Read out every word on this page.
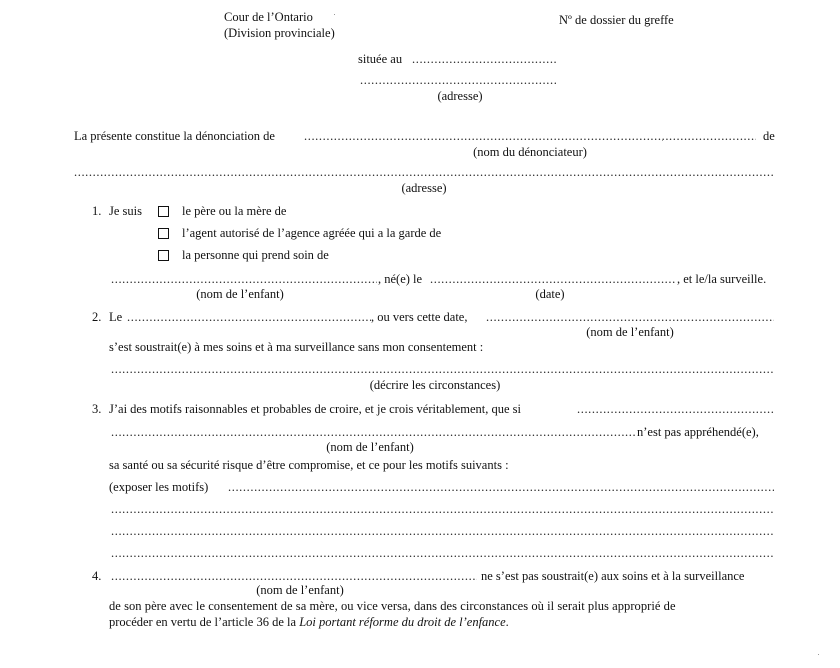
Cour de l’Ontario
(Division provinciale)
Nº de dossier du greffe
située au
.....
.....
(adresse)
La présente constitue la dénonciation de .....	de
(nom du dénonciateur)
.....
(adresse)
1. Je suis	le père ou la mère de
l’agent autorisé de l’agence agréée qui a la garde de
la personne qui prend soin de
.....
, né(e) le .....	, et le/la surveille.
(nom de l’enfant)	(date)
2. Le .....	, ou vers cette date,
.....
(nom de l’enfant)
s’est soustrait(e) à mes soins et à ma surveillance sans mon consentement :
.....
(décrire les circonstances)
3. J’ai des motifs raisonnables et probables de croire, et je crois véritablement, que si
.....
.....
n’est pas appréhendé(e),
(nom de l’enfant)
sa santé ou sa sécurité risque d’être compromise, et ce pour les motifs suivants :
(exposer les motifs)
.....
.....
.....
.....
4. .....	ne s’est pas soustrait(e) aux soins et à la surveillance
(nom de l’enfant)
de son père avec le consentement de sa mère, ou vice versa, dans des circonstances où il serait plus approprié de
procéder en vertu de l’article 36 de la Loi portant réforme du droit de l’enfance.
